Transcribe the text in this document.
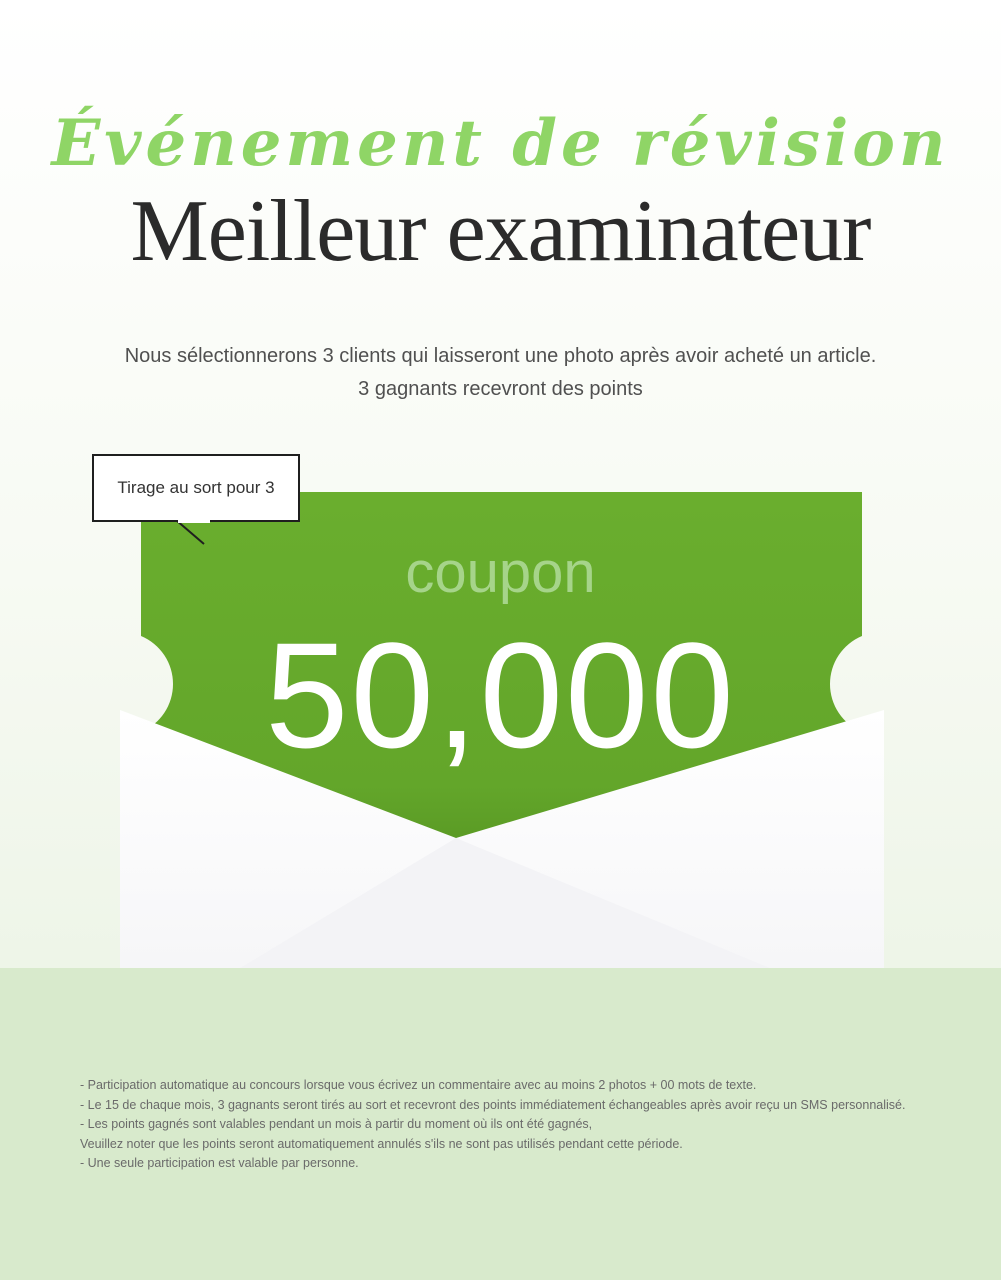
Événement de révision
Meilleur examinateur
Nous sélectionnerons 3 clients qui laisseront une photo après avoir acheté un article.
3 gagnants recevront des points
coupon
50,000
Tirage au sort pour 3
- Participation automatique au concours lorsque vous écrivez un commentaire avec au moins 2 photos + 00 mots de texte.
- Le 15 de chaque mois, 3 gagnants seront tirés au sort et recevront des points immédiatement échangeables après avoir reçu un SMS personnalisé.
- Les points gagnés sont valables pendant un mois à partir du moment où ils ont été gagnés,
Veuillez noter que les points seront automatiquement annulés s'ils ne sont pas utilisés pendant cette période.
- Une seule participation est valable par personne.
